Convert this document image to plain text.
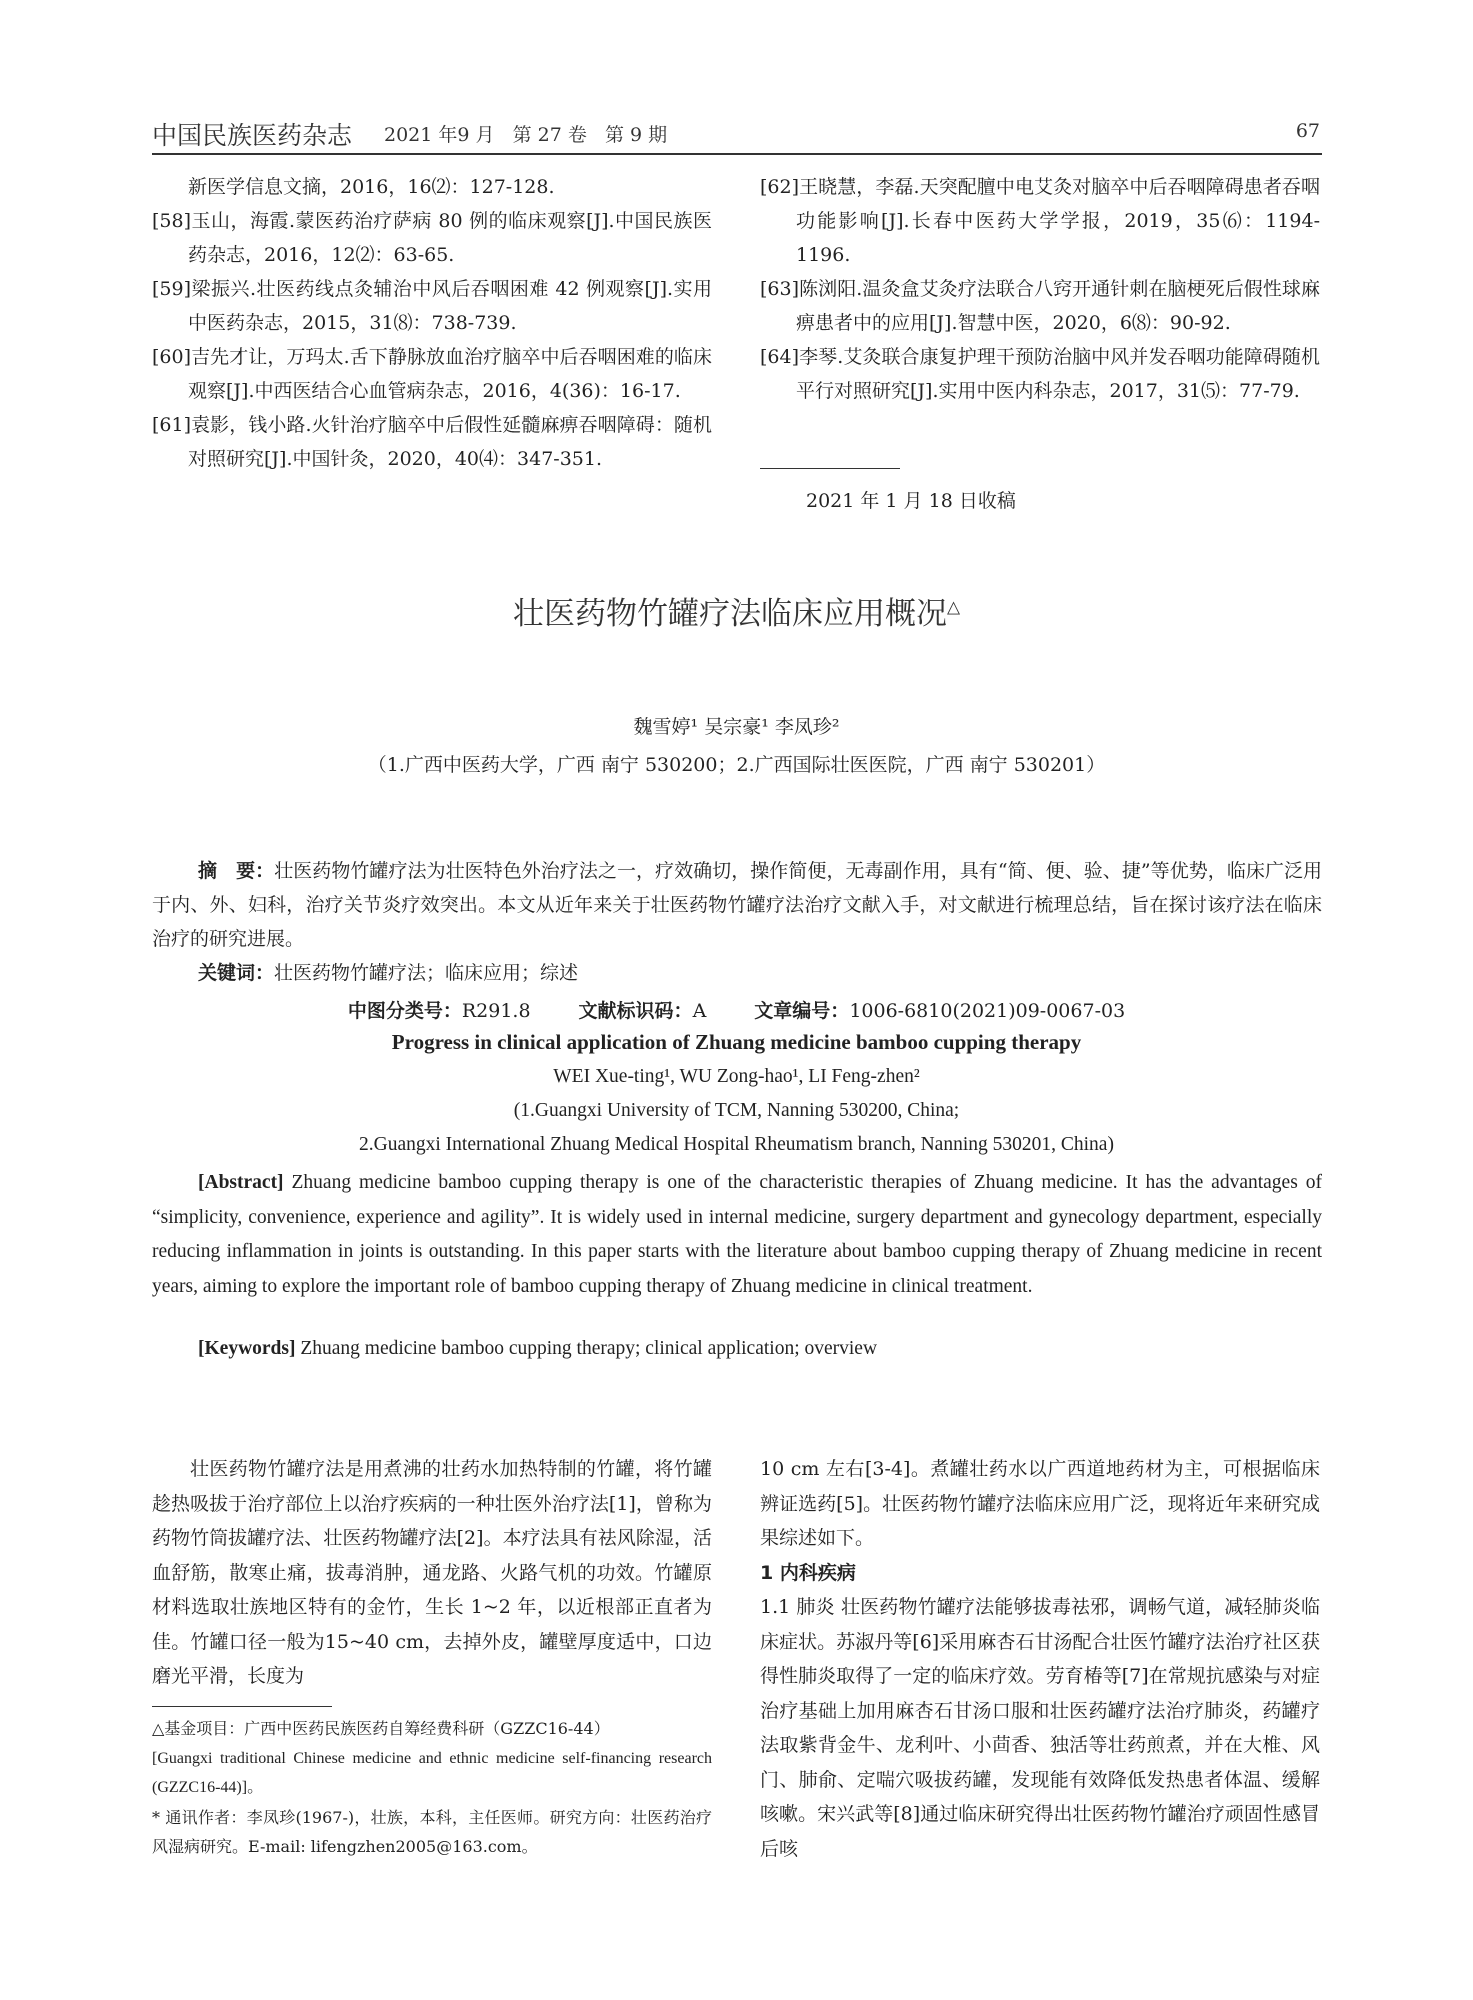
中国民族医药杂志 2021 年9 月   第 27 卷   第 9 期	67
新医学信息文摘，2016，16⑵：127-128.
[58]玉山，海霞.蒙医药治疗萨病 80 例的临床观察[J].中国民族医药杂志，2016，12⑵：63-65.
[59]梁振兴.壮医药线点灸辅治中风后吞咽困难 42 例观察[J].实用中医药杂志，2015，31⑻：738-739.
[60]吉先才让，万玛太.舌下静脉放血治疗脑卒中后吞咽困难的临床观察[J].中西医结合心血管病杂志，2016，4(36)：16-17.
[61]袁影，钱小路.火针治疗脑卒中后假性延髓麻痹吞咽障碍：随机对照研究[J].中国针灸，2020，40⑷：347-351.
[62]王晓慧，李磊.天突配膻中电艾灸对脑卒中后吞咽障碍患者吞咽功能影响[J].长春中医药大学学报，2019，35⑹：1194-1196.
[63]陈浏阳.温灸盒艾灸疗法联合八窍开通针刺在脑梗死后假性球麻痹患者中的应用[J].智慧中医，2020，6⑻：90-92.
[64]李琴.艾灸联合康复护理干预防治脑中风并发吞咽功能障碍随机平行对照研究[J].实用中医内科杂志，2017，31⑸：77-79.
2021 年 1 月 18 日收稿
壮医药物竹罐疗法临床应用概况△
魏雪婷¹ 吴宗豪¹ 李凤珍²
（1.广西中医药大学，广西 南宁 530200；2.广西国际壮医医院，广西 南宁 530201）
摘　要：壮医药物竹罐疗法为壮医特色外治疗法之一，疗效确切，操作简便，无毒副作用，具有“简、便、验、捷”等优势，临床广泛用于内、外、妇科，治疗关节炎疗效突出。本文从近年来关于壮医药物竹罐疗法治疗文献入手，对文献进行梳理总结，旨在探讨该疗法在临床治疗的研究进展。
关键词：壮医药物竹罐疗法；临床应用；综述
中图分类号：R291.8	文献标识码：A	文章编号：1006-6810(2021)09-0067-03
Progress in clinical application of Zhuang medicine bamboo cupping therapy
WEI Xue-ting¹, WU Zong-hao¹, LI Feng-zhen²
(1.Guangxi University of TCM, Nanning 530200, China;
2.Guangxi International Zhuang Medical Hospital Rheumatism branch, Nanning 530201, China)
[Abstract] Zhuang medicine bamboo cupping therapy is one of the characteristic therapies of Zhuang medicine. It has the advantages of “simplicity, convenience, experience and agility”. It is widely used in internal medicine, surgery department and gynecology department, especially reducing inflammation in joints is outstanding. In this paper starts with the literature about bamboo cupping therapy of Zhuang medicine in recent years, aiming to explore the important role of bamboo cupping therapy of Zhuang medicine in clinical treatment.
[Keywords] Zhuang medicine bamboo cupping therapy; clinical application; overview

壮医药物竹罐疗法是用煮沸的壮药水加热特制的竹罐，将竹罐趁热吸拔于治疗部位上以治疗疾病的一种壮医外治疗法[1]，曾称为药物竹筒拔罐疗法、壮医药物罐疗法[2]。本疗法具有祛风除湿，活血舒筋，散寒止痛，拔毒消肿，通龙路、火路气机的功效。竹罐原材料选取壮族地区特有的金竹，生长 1~2 年，以近根部正直者为佳。竹罐口径一般为15~40 cm，去掉外皮，罐壁厚度适中，口边磨光平滑，长度为

△基金项目：广西中医药民族医药自筹经费科研（GZZC16-44）

[Guangxi traditional Chinese medicine and ethnic medicine self-financing research (GZZC16-44)]。

* 通讯作者：李凤珍(1967-)，壮族，本科，主任医师。研究方向：壮医药治疗风湿病研究。E-mail: lifengzhen2005@163.com。

10 cm 左右[3-4]。煮罐壮药水以广西道地药材为主，可根据临床辨证选药[5]。壮医药物竹罐疗法临床应用广泛，现将近年来研究成果综述如下。

1 内科疾病

1.1 肺炎 壮医药物竹罐疗法能够拔毒祛邪，调畅气道，减轻肺炎临床症状。苏淑丹等[6]采用麻杏石甘汤配合壮医竹罐疗法治疗社区获得性肺炎取得了一定的临床疗效。劳育椿等[7]在常规抗感染与对症治疗基础上加用麻杏石甘汤口服和壮医药罐疗法治疗肺炎，药罐疗法取紫背金牛、龙利叶、小茴香、独活等壮药煎煮，并在大椎、风门、肺俞、定喘穴吸拔药罐，发现能有效降低发热患者体温、缓解咳嗽。宋兴武等[8]通过临床研究得出壮医药物竹罐治疗顽固性感冒后咳
